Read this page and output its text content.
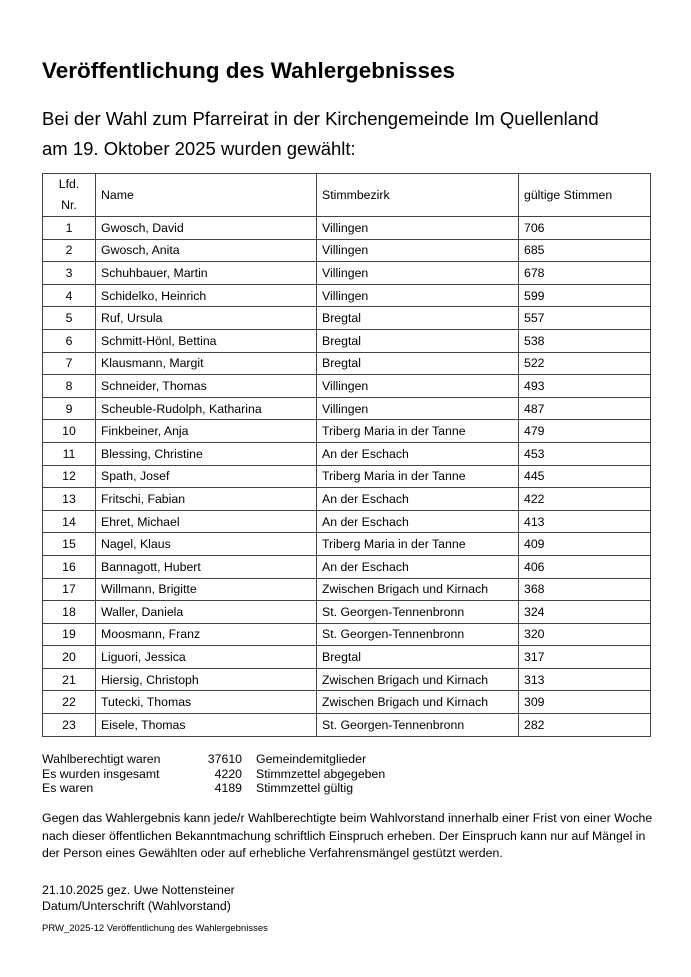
Veröffentlichung des Wahlergebnisses
Bei der Wahl zum Pfarreirat in der Kirchengemeinde Im Quellenland
am 19. Oktober 2025 wurden gewählt:
Lfd.
Nr.	Name	Stimmbezirk	gültige Stimmen
1	Gwosch, David	Villingen	706
2	Gwosch, Anita	Villingen	685
3	Schuhbauer, Martin	Villingen	678
4	Schidelko, Heinrich	Villingen	599
5	Ruf, Ursula	Bregtal	557
6	Schmitt-Hönl, Bettina	Bregtal	538
7	Klausmann, Margit	Bregtal	522
8	Schneider, Thomas	Villingen	493
9	Scheuble-Rudolph, Katharina	Villingen	487
10	Finkbeiner, Anja	Triberg Maria in der Tanne	479
11	Blessing, Christine	An der Eschach	453
12	Spath, Josef	Triberg Maria in der Tanne	445
13	Fritschi, Fabian	An der Eschach	422
14	Ehret, Michael	An der Eschach	413
15	Nagel, Klaus	Triberg Maria in der Tanne	409
16	Bannagott, Hubert	An der Eschach	406
17	Willmann, Brigitte	Zwischen Brigach und Kirnach	368
18	Waller, Daniela	St. Georgen-Tennenbronn	324
19	Moosmann, Franz	St. Georgen-Tennenbronn	320
20	Liguori, Jessica	Bregtal	317
21	Hiersig, Christoph	Zwischen Brigach und Kirnach	313
22	Tutecki, Thomas	Zwischen Brigach und Kirnach	309
23	Eisele, Thomas	St. Georgen-Tennenbronn	282
Wahlberechtigt waren	37610	Gemeindemitglieder
Es wurden insgesamt	4220	Stimmzettel abgegeben
Es waren	4189	Stimmzettel gültig

Gegen das Wahlergebnis kann jede/r Wahlberechtigte beim Wahlvorstand innerhalb einer Frist von einer Woche nach dieser öffentlichen Bekanntmachung schriftlich Einspruch erheben. Der Einspruch kann nur auf Mängel in der Person eines Gewählten oder auf erhebliche Verfahrensmängel gestützt werden.

21.10.2025 gez. Uwe Nottensteiner
Datum/Unterschrift (Wahlvorstand)
PRW_2025-12 Veröffentlichung des Wahlergebnisses
